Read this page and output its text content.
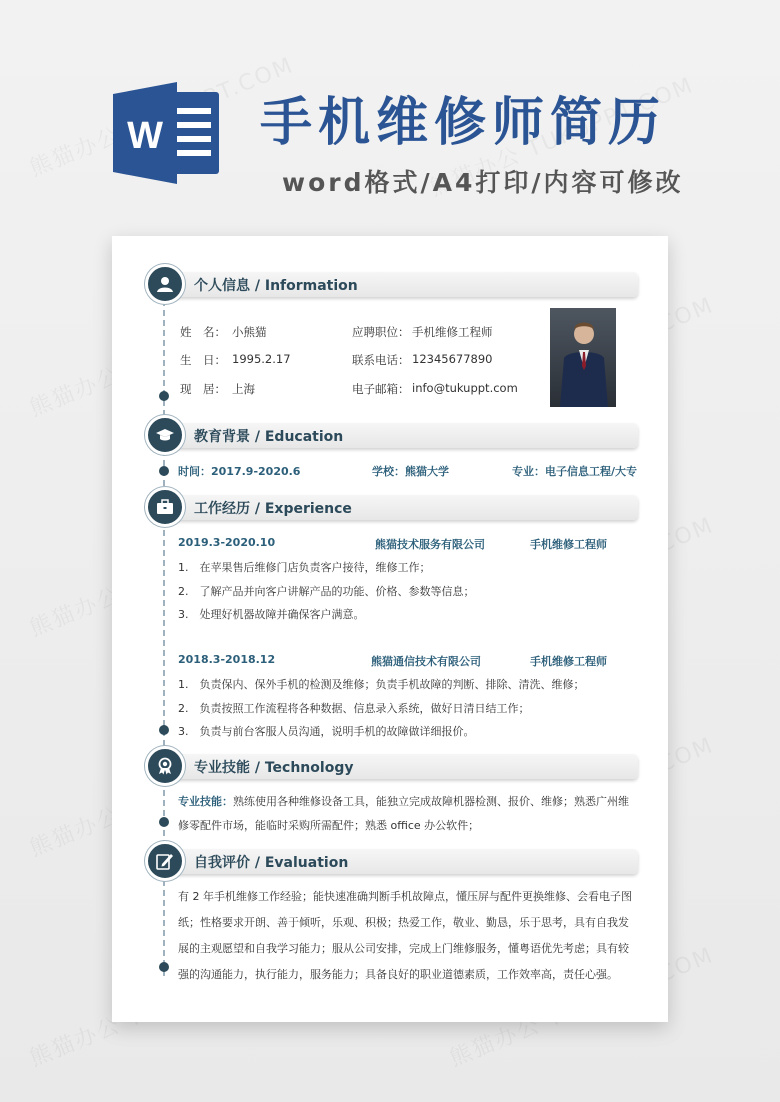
W 手机维修师简历
word格式/A4打印/内容可修改
个人信息 / Information
姓　名： 小熊猫
生　日： 1995.2.17
现　居： 上海
应聘职位： 手机维修工程师
联系电话： 12345677890
电子邮箱： info@tukuppt.com
教育背景 / Education
时间：2017.9-2020.6	学校：熊猫大学	专业：电子信息工程/大专
工作经历 / Experience
2019.3-2020.10	熊猫技术服务有限公司	手机维修工程师
1.　在苹果售后维修门店负责客户接待，维修工作；
2.　了解产品并向客户讲解产品的功能、价格、参数等信息；
3.　处理好机器故障并确保客户满意。
2018.3-2018.12	熊猫通信技术有限公司	手机维修工程师
1.　负责保内、保外手机的检测及维修；负责手机故障的判断、排除、清洗、维修；
2.　负责按照工作流程将各种数据、信息录入系统，做好日清日结工作；
3.　负责与前台客服人员沟通，说明手机的故障做详细报价。
专业技能 / Technology
专业技能：熟练使用各种维修设备工具，能独立完成故障机器检测、报价、维修；熟悉广州维修零配件市场，能临时采购所需配件；熟悉 office 办公软件；
自我评价 / Evaluation
有 2 年手机维修工作经验；能快速准确判断手机故障点，懂压屏与配件更换维修、会看电子图纸；性格要求开朗、善于倾听，乐观、积极；热爱工作，敬业、勤恳，乐于思考，具有自我发展的主观愿望和自我学习能力；服从公司安排，完成上门维修服务，懂粤语优先考虑；具有较强的沟通能力，执行能力，服务能力；具备良好的职业道德素质，工作效率高，责任心强。
